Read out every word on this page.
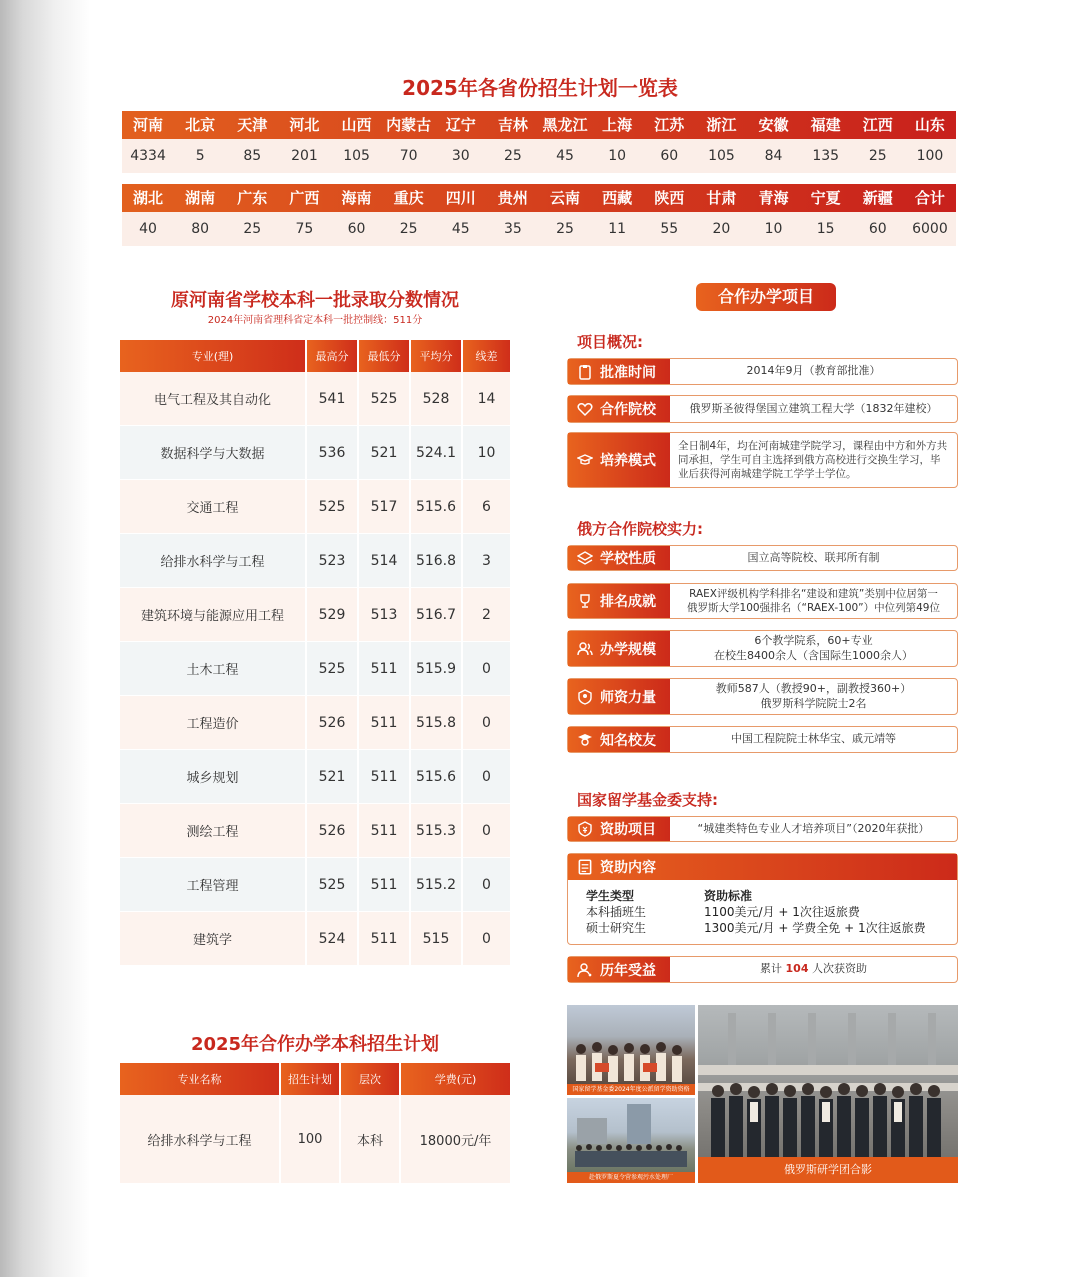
2025年各省份招生计划一览表
河南	北京	天津	河北	山西 内蒙古 辽宁	吉林 黑龙江 上海	江苏	浙江	安徽	福建	江西	山东
4334	5	85	201	105	70	30	25	45	10	60	105	84	135	25	100
湖北	湖南	广东	广西	海南	重庆	四川	贵州	云南	西藏	陕西	甘肃	青海	宁夏	新疆	合计
40	80	25	75	60	25	45	35	25	11	55	20	10	15	60	6000
原河南省学校本科一批录取分数情况
2024年河南省理科省定本科一批控制线：511分
专业(理)	最高分	最低分	平均分	线差
电气工程及其自动化	541	525	528	14
数据科学与大数据	536	521	524.1	10
交通工程	525	517	515.6	6
给排水科学与工程	523	514	516.8	3
建筑环境与能源应用工程	529	513	516.7	2
土木工程	525	511	515.9	0
工程造价	526	511	515.8	0
城乡规划	521	511	515.6	0
测绘工程	526	511	515.3	0
工程管理	525	511	515.2	0
建筑学	524	511	515	0
2025年合作办学本科招生计划
专业名称	招生计划	层次	学费(元)
给排水科学与工程	100	本科	18000元/年
合作办学项目
项目概况:
批准时间	2014年9月（教育部批准）
合作院校	俄罗斯圣彼得堡国立建筑工程大学（1832年建校）
培养模式
全日制4年，均在河南城建学院学习，课程由中方和外方共同承担，学生可自主选择到俄方高校进行交换生学习，毕业后获得河南城建学院工学学士学位。
俄方合作院校实力:
学校性质	国立高等院校、联邦所有制
排名成就
RAEX评级机构学科排名“建设和建筑”类别中位居第一
俄罗斯大学100强排名（“RAEX-100”）中位列第49位
办学规模
6个教学院系，60+专业
在校生8400余人（含国际生1000余人）
师资力量
教师587人（教授90+，副教授360+）
俄罗斯科学院院士2名
知名校友	中国工程院院士林华宝、戚元靖等
国家留学基金委支持:
资助项目	“城建类特色专业人才培养项目”（2020年获批）
资助内容
学生类型	资助标准
本科插班生	1100美元/月 + 1次往返旅费
硕士研究生	1300美元/月 + 学费全免 + 1次往返旅费
历年受益	累计
104
人次获资助
国家留学基金委2024年度公派留学资助资格
赴俄罗斯夏令营参观污水处理厂
俄罗斯研学团合影
